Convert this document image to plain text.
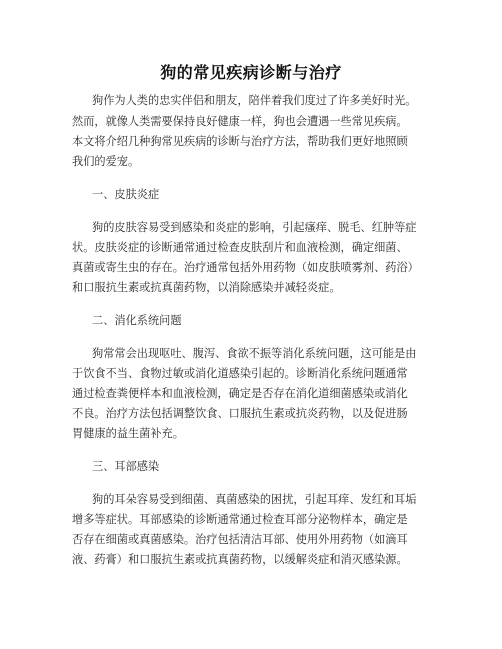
狗的常见疾病诊断与治疗
狗作为人类的忠实伴侣和朋友，陪伴着我们度过了许多美好时光。
然而，就像人类需要保持良好健康一样，狗也会遭遇一些常见疾病。
本文将介绍几种狗常见疾病的诊断与治疗方法，帮助我们更好地照顾
我们的爱宠。
一、皮肤炎症
狗的皮肤容易受到感染和炎症的影响，引起瘙痒、脱毛、红肿等症
状。皮肤炎症的诊断通常通过检查皮肤刮片和血液检测，确定细菌、
真菌或寄生虫的存在。治疗通常包括外用药物（如皮肤喷雾剂、药浴）
和口服抗生素或抗真菌药物，以消除感染并减轻炎症。
二、消化系统问题
狗常常会出现呕吐、腹泻、食欲不振等消化系统问题，这可能是由
于饮食不当、食物过敏或消化道感染引起的。诊断消化系统问题通常
通过检查粪便样本和血液检测，确定是否存在消化道细菌感染或消化
不良。治疗方法包括调整饮食、口服抗生素或抗炎药物，以及促进肠
胃健康的益生菌补充。
三、耳部感染
狗的耳朵容易受到细菌、真菌感染的困扰，引起耳痒、发红和耳垢
增多等症状。耳部感染的诊断通常通过检查耳部分泌物样本，确定是
否存在细菌或真菌感染。治疗包括清洁耳部、使用外用药物（如滴耳
液、药膏）和口服抗生素或抗真菌药物，以缓解炎症和消灭感染源。
